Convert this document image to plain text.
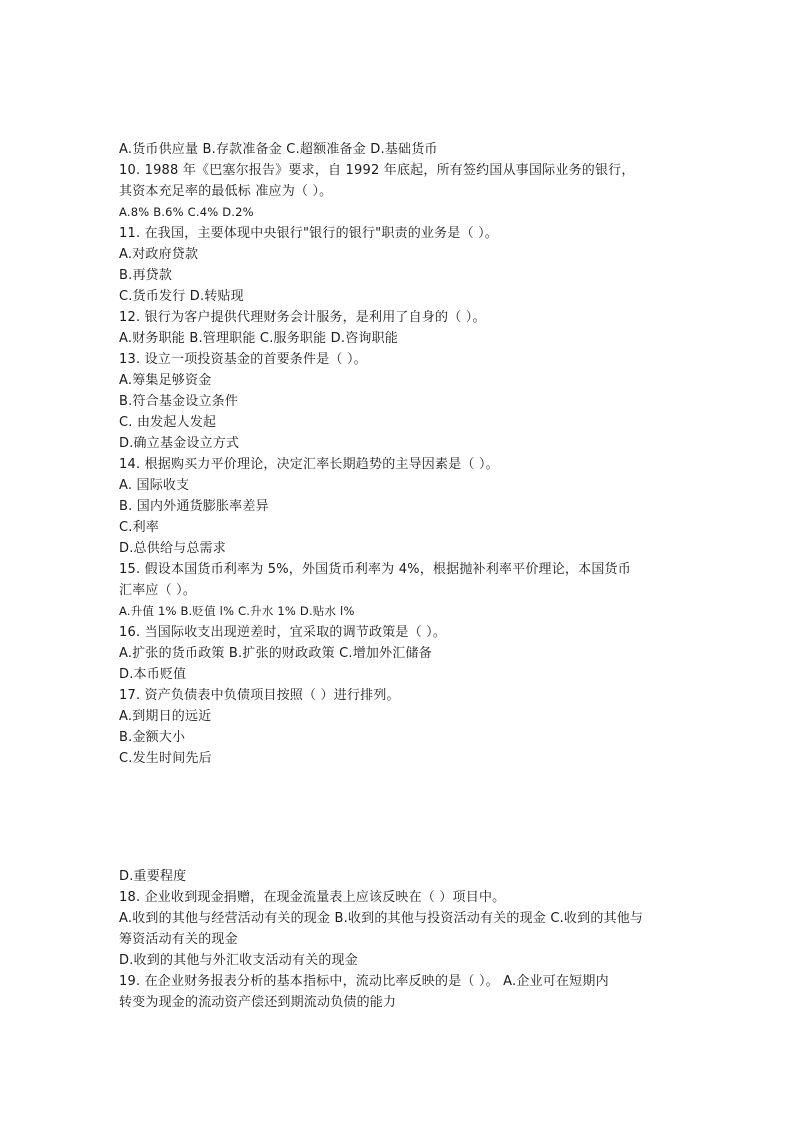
A.货币供应量 B.存款准备金 C.超额准备金 D.基础货币
10. 1988 年《巴塞尔报告》要求，自 1992 年底起，所有签约国从事国际业务的银行，
其资本充足率的最低标 准应为（ ）。
A.8% B.6% C.4% D.2%
11. 在我国，主要体现中央银行"银行的银行"职责的业务是（ ）。
A.对政府贷款
B.再贷款
C.货币发行 D.转贴现
12. 银行为客户提供代理财务会计服务，是利用了自身的（ ）。
A.财务职能 B.管理职能 C.服务职能 D.咨询职能
13. 设立一项投资基金的首要条件是（ ）。
A.筹集足够资金
B.符合基金设立条件
C. 由发起人发起
D.确立基金设立方式
14. 根据购买力平价理论，决定汇率长期趋势的主导因素是（ ）。
A. 国际收支
B. 国内外通货膨胀率差异
C.利率
D.总供给与总需求
15. 假设本国货币利率为 5%，外国货币利率为 4%，根据抛补利率平价理论，本国货币
汇率应（ ）。
A.升值 1% B.贬值 l% C.升水 1% D.贴水 l%
16. 当国际收支出现逆差时，宜采取的调节政策是（ ）。
A.扩张的货币政策 B.扩张的财政政策 C.增加外汇储备
D.本币贬值
17. 资产负债表中负债项目按照（ ）进行排列。
A.到期日的远近
B.金额大小
C.发生时间先后
D.重要程度
18. 企业收到现金捐赠，在现金流量表上应该反映在（ ）项目中。
A.收到的其他与经营活动有关的现金 B.收到的其他与投资活动有关的现金 C.收到的其他与
筹资活动有关的现金
D.收到的其他与外汇收支活动有关的现金
19. 在企业财务报表分析的基本指标中，流动比率反映的是（ ）。 A.企业可在短期内
转变为现金的流动资产偿还到期流动负债的能力
